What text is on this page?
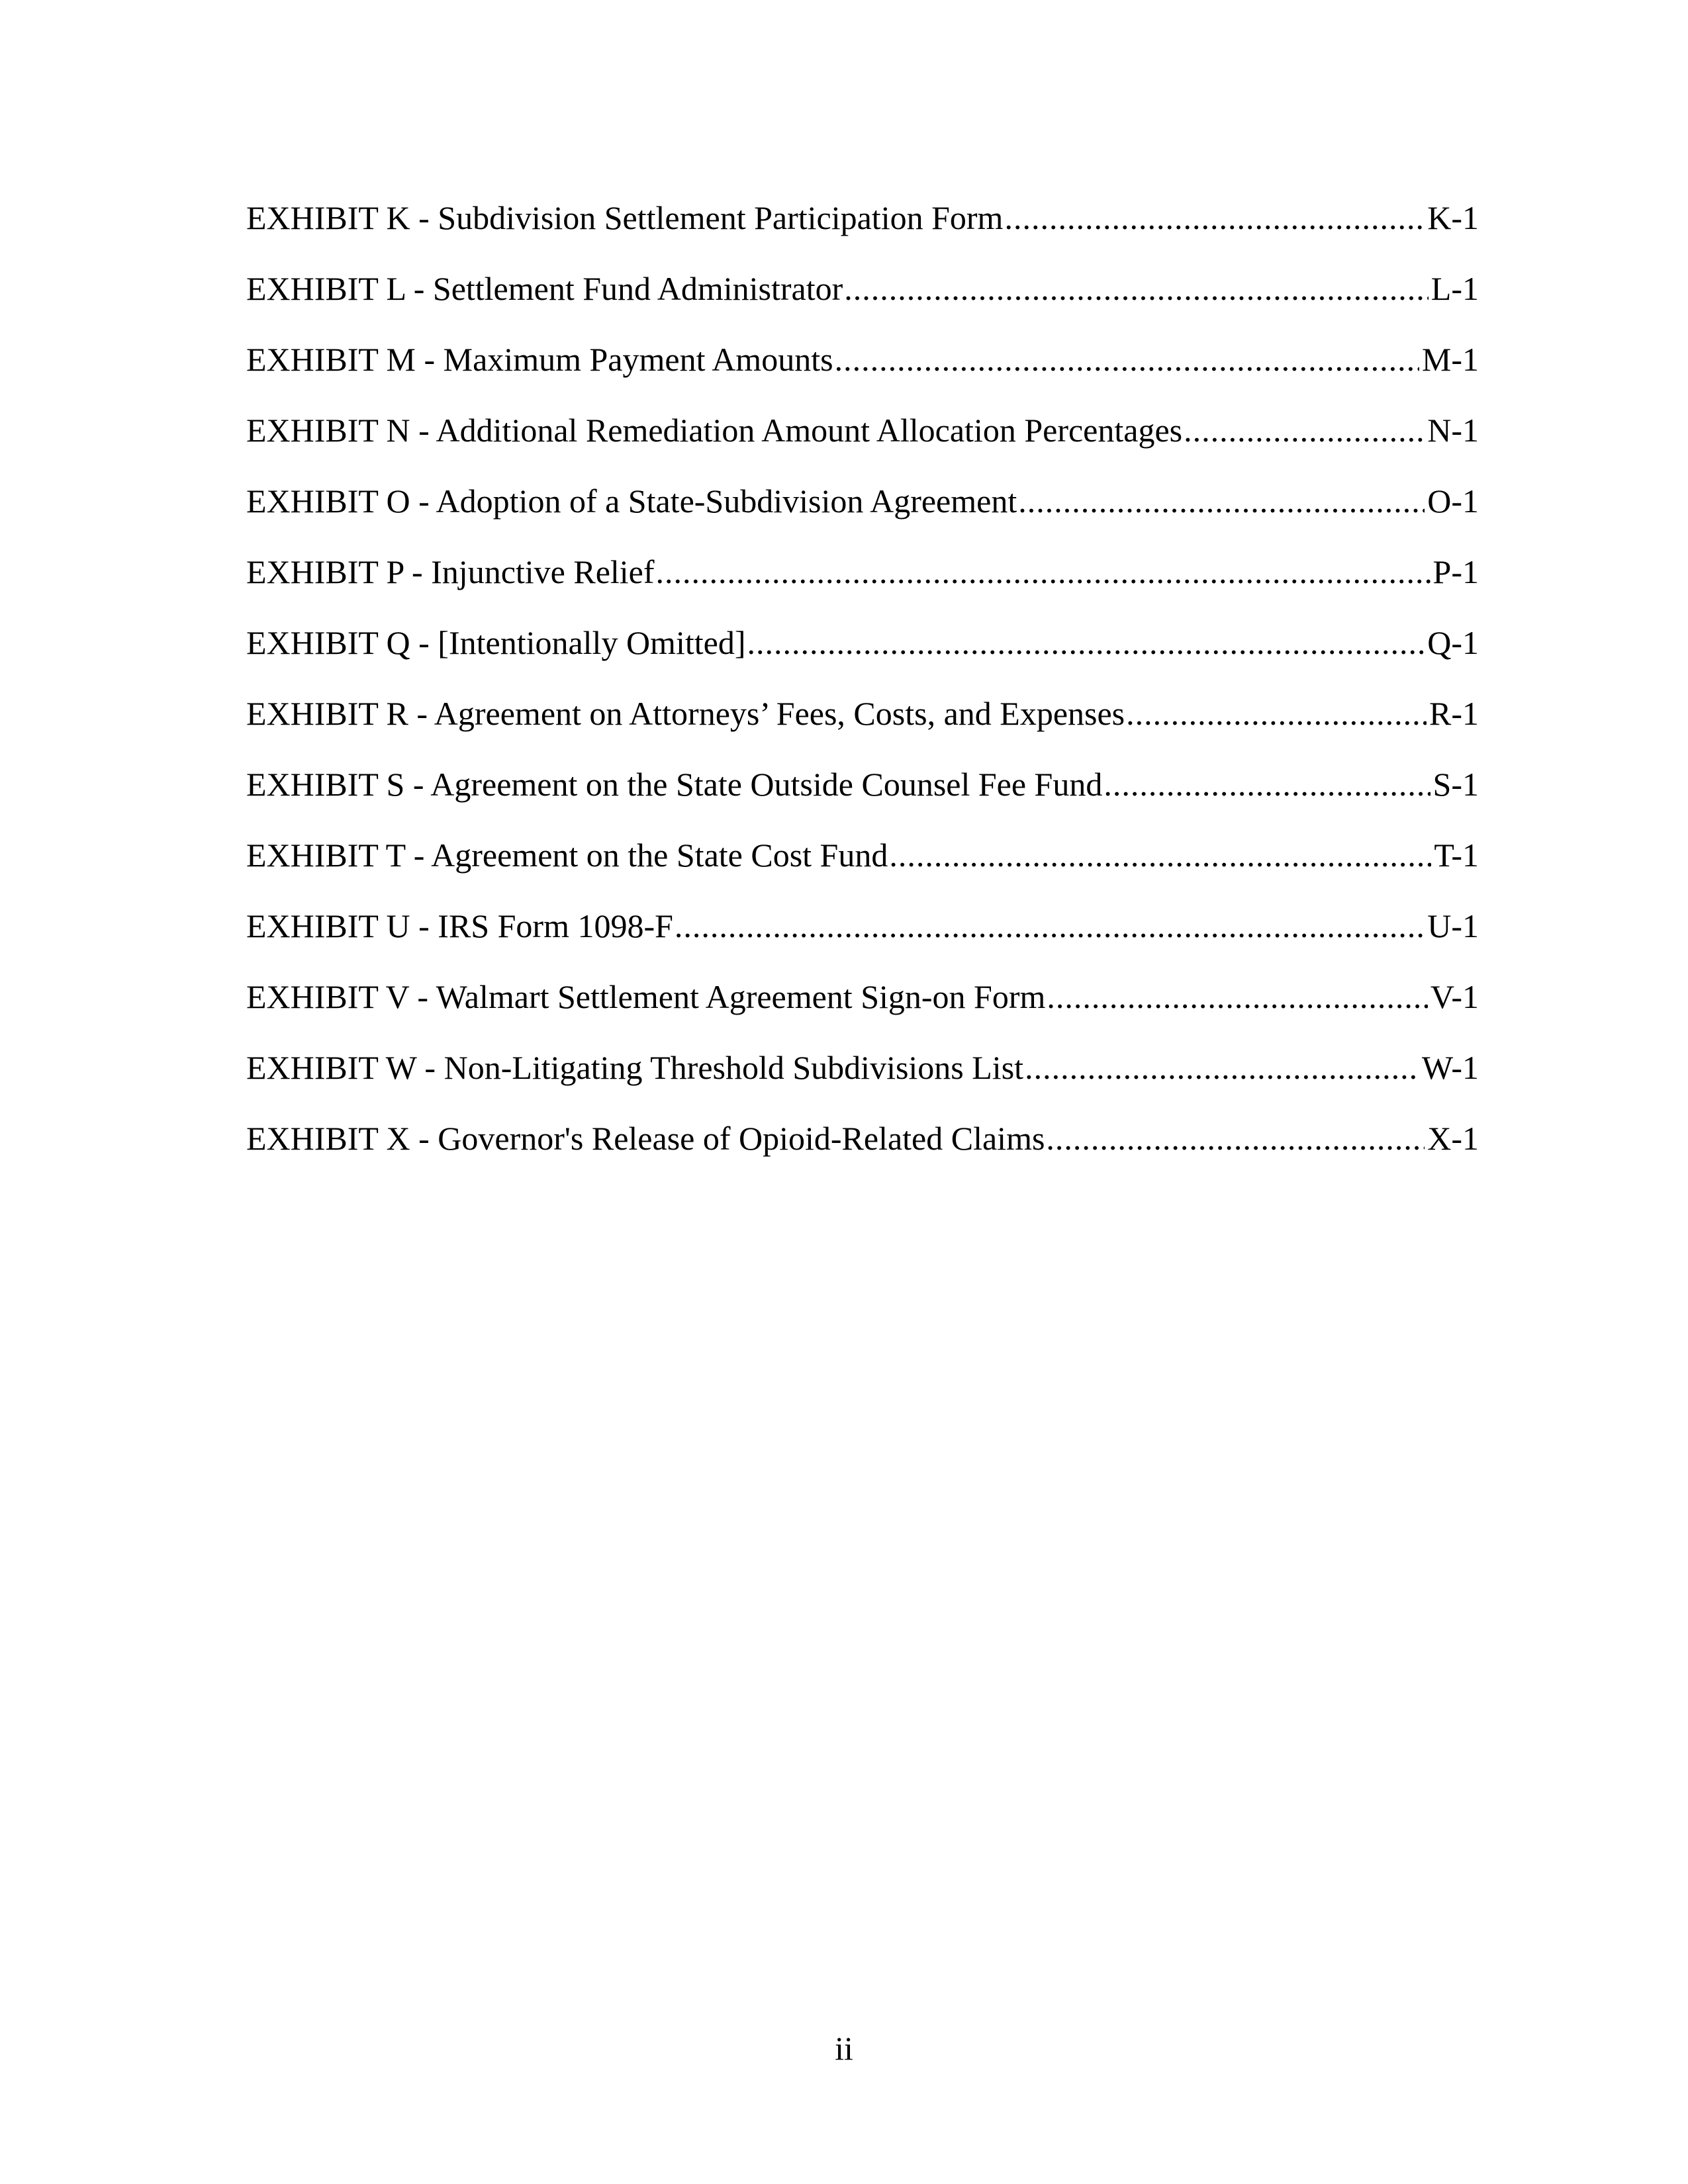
EXHIBIT K - Subdivision Settlement Participation Form .....	K-1
EXHIBIT L - Settlement Fund Administrator .....	L-1
EXHIBIT M - Maximum Payment Amounts .....	M-1
EXHIBIT N - Additional Remediation Amount Allocation Percentages .....	N-1
EXHIBIT O - Adoption of a State-Subdivision Agreement .....	O-1
EXHIBIT P - Injunctive Relief .....	P-1
EXHIBIT Q - [Intentionally Omitted] .....	Q-1
EXHIBIT R - Agreement on Attorneys’ Fees, Costs, and Expenses .....	R-1
EXHIBIT S - Agreement on the State Outside Counsel Fee Fund .....	S-1
EXHIBIT T - Agreement on the State Cost Fund .....	T-1
EXHIBIT U - IRS Form 1098-F .....	U-1
EXHIBIT V - Walmart Settlement Agreement Sign-on Form .....	V-1
EXHIBIT W - Non-Litigating Threshold Subdivisions List .....	W-1
EXHIBIT X - Governor's Release of Opioid-Related Claims .....	X-1
ii
